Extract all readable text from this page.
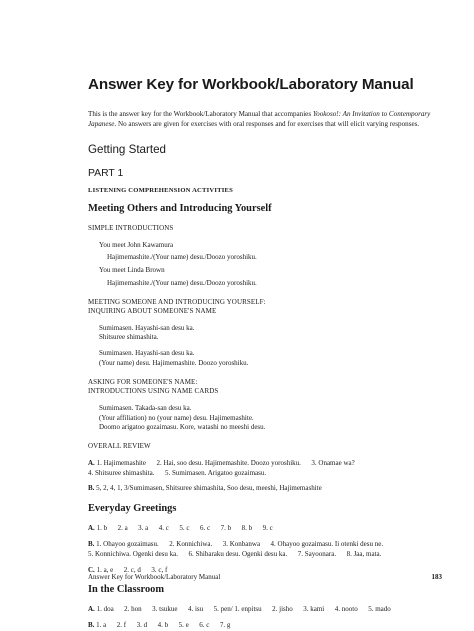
Answer Key for Workbook/Laboratory Manual

This is the answer key for the Workbook/Laboratory Manual that accompanies Yookoso!: An Invitation to Contemporary Japanese. No answers are given for exercises with oral responses and for exercises that will elicit varying responses.

Getting Started
PART 1
LISTENING COMPREHENSION ACTIVITIES
Meeting Others and Introducing Yourself
SIMPLE INTRODUCTIONS
You meet John Kawamura
Hajimemashite./(Your name) desu./Doozo yoroshiku.
You meet Linda Brown
Hajimemashite./(Your name) desu./Doozo yoroshiku.
MEETING SOMEONE AND INTRODUCING YOURSELF:
INQUIRING ABOUT SOMEONE'S NAME
Sumimasen. Hayashi-san desu ka.
Shitsuree shimashita.
Sumimasen. Hayashi-san desu ka.
(Your name) desu. Hajimemashite. Doozo yoroshiku.
ASKING FOR SOMEONE'S NAME:
INTRODUCTIONS USING NAME CARDS
Sumimasen. Takada-san desu ka.
(Your affiliation) no (your name) desu. Hajimemashite.
Doomo arigatoo gozaimasu. Kore, watashi no meeshi desu.
OVERALL REVIEW
A. 1. Hajimemashite      2. Hai, soo desu. Hajimemashite. Doozo yoroshiku.      3. Onamae wa?
4. Shitsuree shimashita.      5. Sumimasen. Arigatoo gozaimasu.
B. 5, 2, 4, 1, 3/Sumimasen, Shitsuree shimashita, Soo desu, meeshi, Hajimemashite
Everyday Greetings
A. 1. b      2. a      3. a      4. c      5. c      6. c      7. b      8. b      9. c
B. 1. Ohayoo gozaimasu.      2. Konnichiwa.      3. Konbanwa      4. Ohayoo gozaimasu. Ii otenki desu ne.
5. Konnichiwa. Ogenki desu ka.      6. Shibaraku desu. Ogenki desu ka.      7. Sayoonara.      8. Jaa, mata.
C. 1. a, e      2. c, d      3. c, f
In the Classroom
A. 1. doa      2. hon      3. tsukue      4. isu      5. pen/ 1. enpitsu      2. jisho      3. kami      4. nooto      5. mado
B. 1. a      2. f      3. d      4. b      5. e      6. c      7. g
Answer Key for Workbook/Laboratory Manual	183
